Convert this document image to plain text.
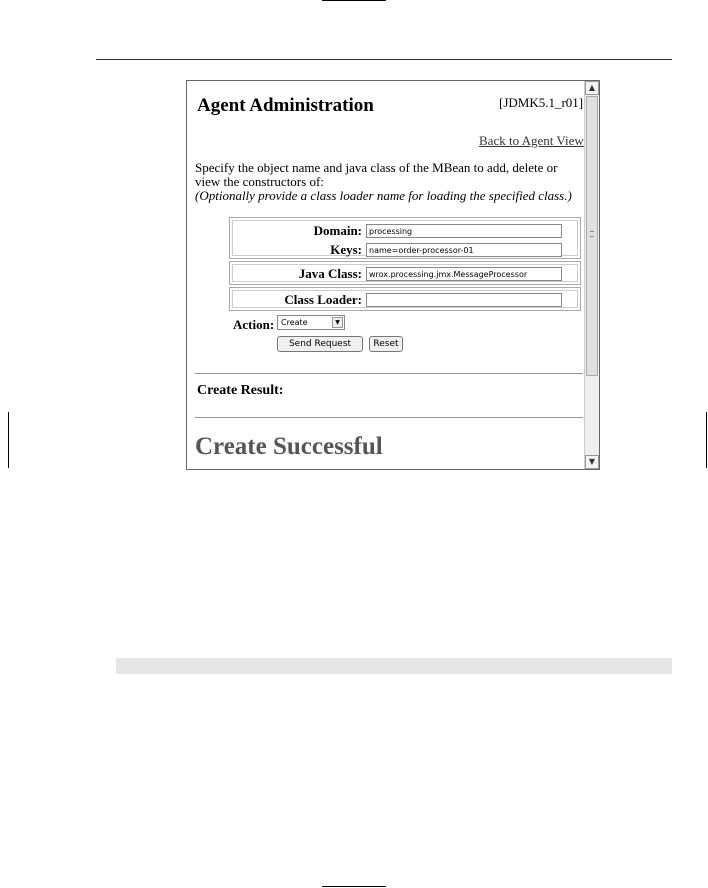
Agent Administration	[JDMK5.1_r01]
Back to Agent View
Specify the object name and java class of the MBean to add, delete or view the constructors of:
(Optionally provide a class loader name for loading the specified class.)
Domain: processing
Keys: name=order-processor-01
Java Class: wrox.processing.jmx.MessageProcessor
Class Loader:
Action: Create	▼
Send Request	Reset
Create Result:
Create Successful
▲
▼
